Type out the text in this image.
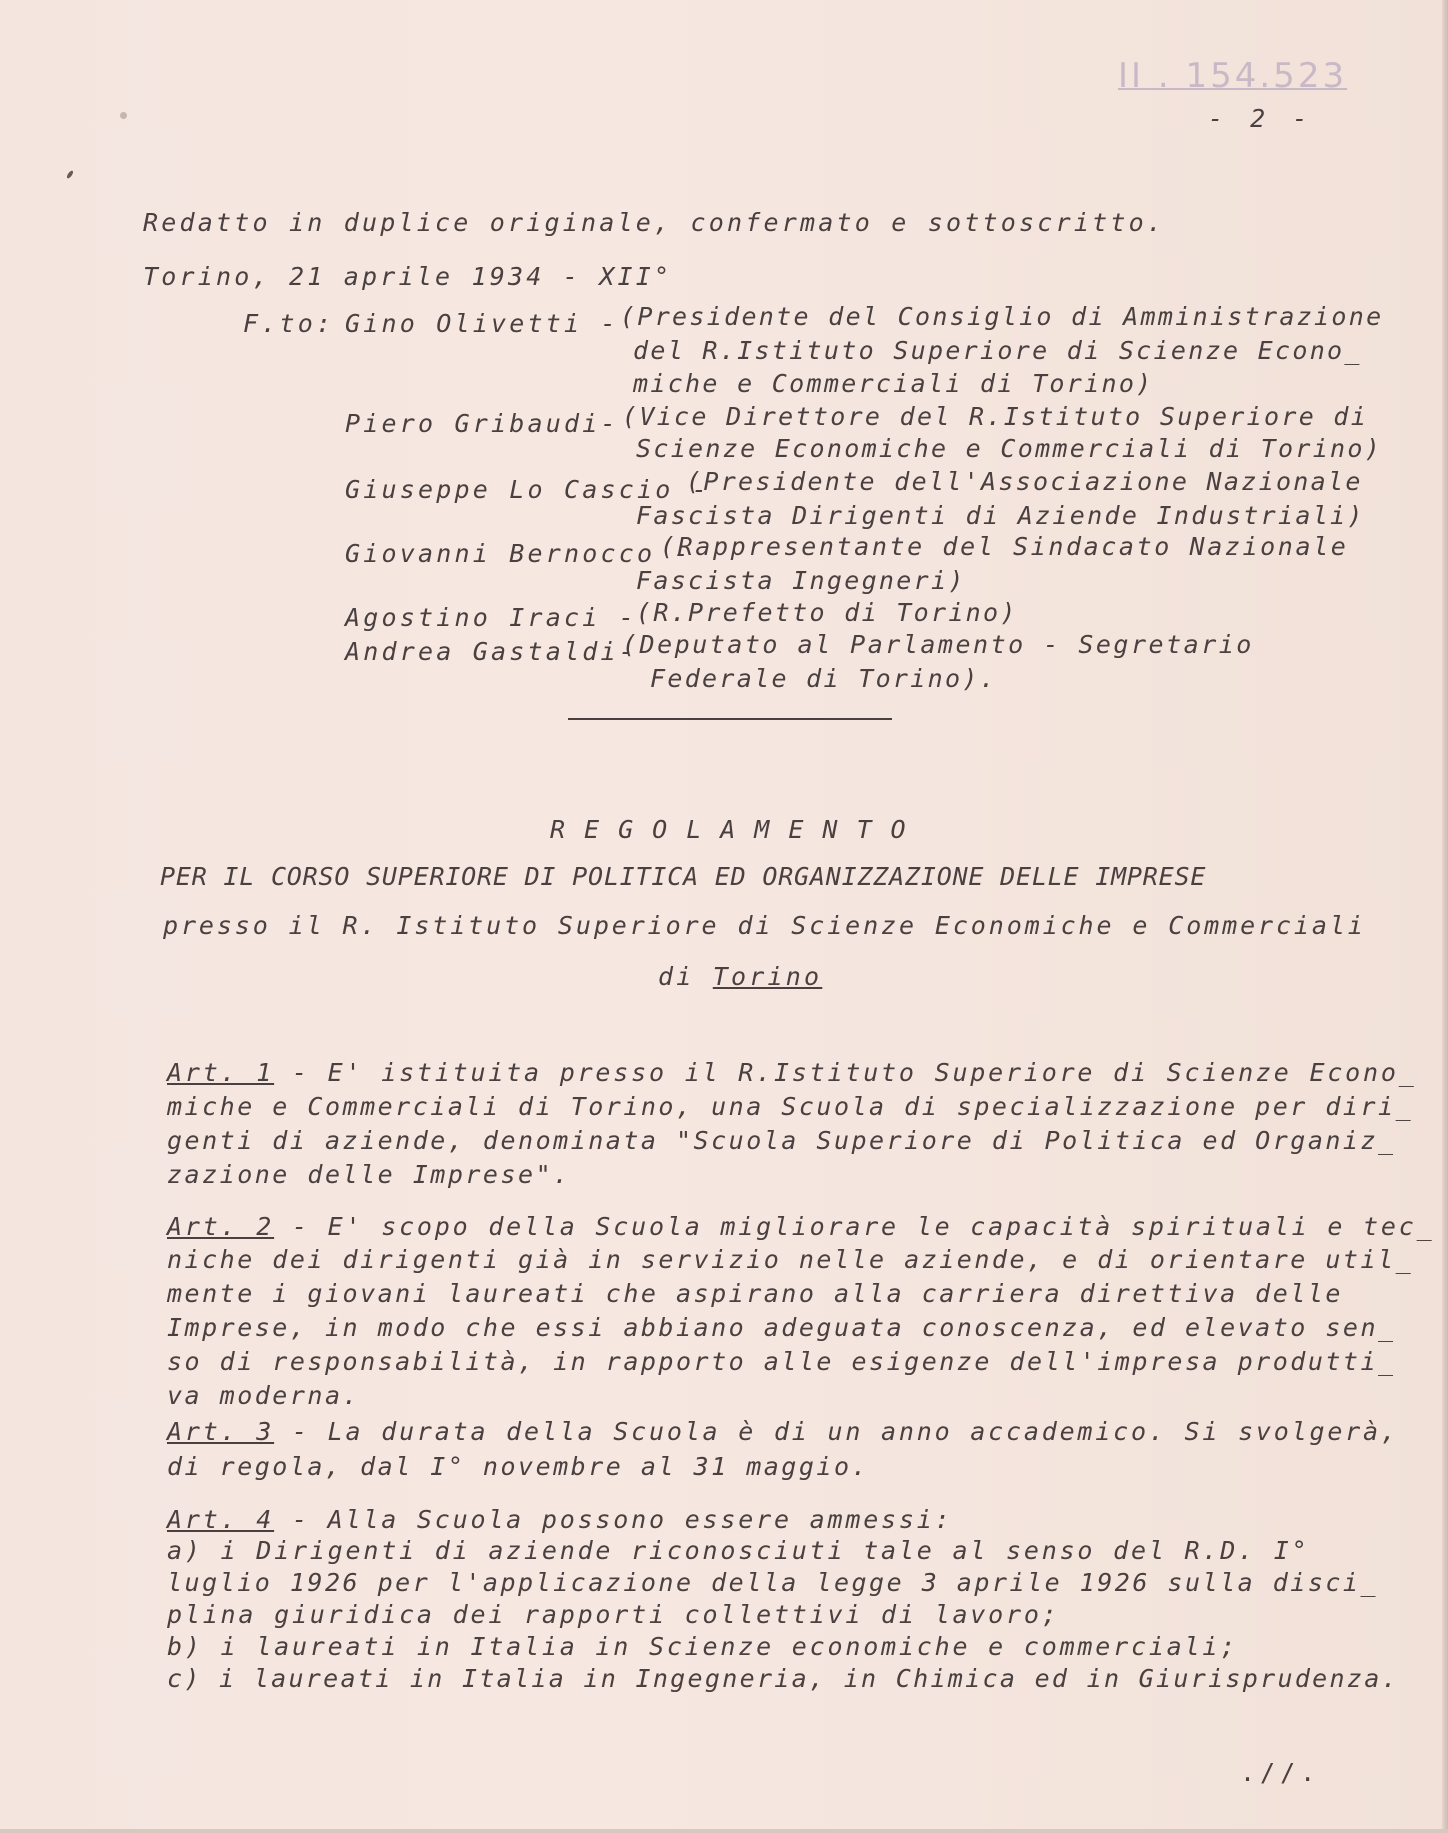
II . 154.523
- 2 -
Redatto in duplice originale, confermato e sottoscritto.
Torino, 21 aprile 1934 - XII°
F.to: Gino Olivetti - (Presidente del Consiglio di Amministrazione
del R.Istituto Superiore di Scienze Econo_
miche e Commerciali di Torino)
Piero Gribaudi- (Vice Direttore del R.Istituto Superiore di
Scienze Economiche e Commerciali di Torino)
Giuseppe Lo Cascio -
(Presidente dell'Associazione Nazionale
Fascista Dirigenti di Aziende Industriali)
Giovanni Bernocco -
(Rappresentante del Sindacato Nazionale
Fascista Ingegneri)
Agostino Iraci -
(R.Prefetto di Torino)
Andrea Gastaldi-
(Deputato al Parlamento - Segretario
Federale di Torino).
REGOLAMENTO
PER IL CORSO SUPERIORE DI POLITICA ED ORGANIZZAZIONE DELLE IMPRESE
presso il R. Istituto Superiore di Scienze Economiche e Commerciali
di Torino
Art. 1 - E' istituita presso il R.Istituto Superiore di Scienze Econo_
miche e Commerciali di Torino, una Scuola di specializzazione per diri_
genti di aziende, denominata "Scuola Superiore di Politica ed Organiz_
zazione delle Imprese".
Art. 2 - E' scopo della Scuola migliorare le capacità spirituali e tec_
niche dei dirigenti già in servizio nelle aziende, e di orientare util_
mente i giovani laureati che aspirano alla carriera direttiva delle
Imprese, in modo che essi abbiano adeguata conoscenza, ed elevato sen_
so di responsabilità, in rapporto alle esigenze dell'impresa produtti_
va moderna.
Art. 3 - La durata della Scuola è di un anno accademico. Si svolgerà,
di regola, dal I° novembre al 31 maggio.
Art. 4 - Alla Scuola possono essere ammessi:
a) i Dirigenti di aziende riconosciuti tale al senso del R.D. I°
luglio 1926 per l'applicazione della legge 3 aprile 1926 sulla disci_
plina giuridica dei rapporti collettivi di lavoro;
b) i laureati in Italia in Scienze economiche e commerciali;
c) i laureati in Italia in Ingegneria, in Chimica ed in Giurisprudenza.
.//.
